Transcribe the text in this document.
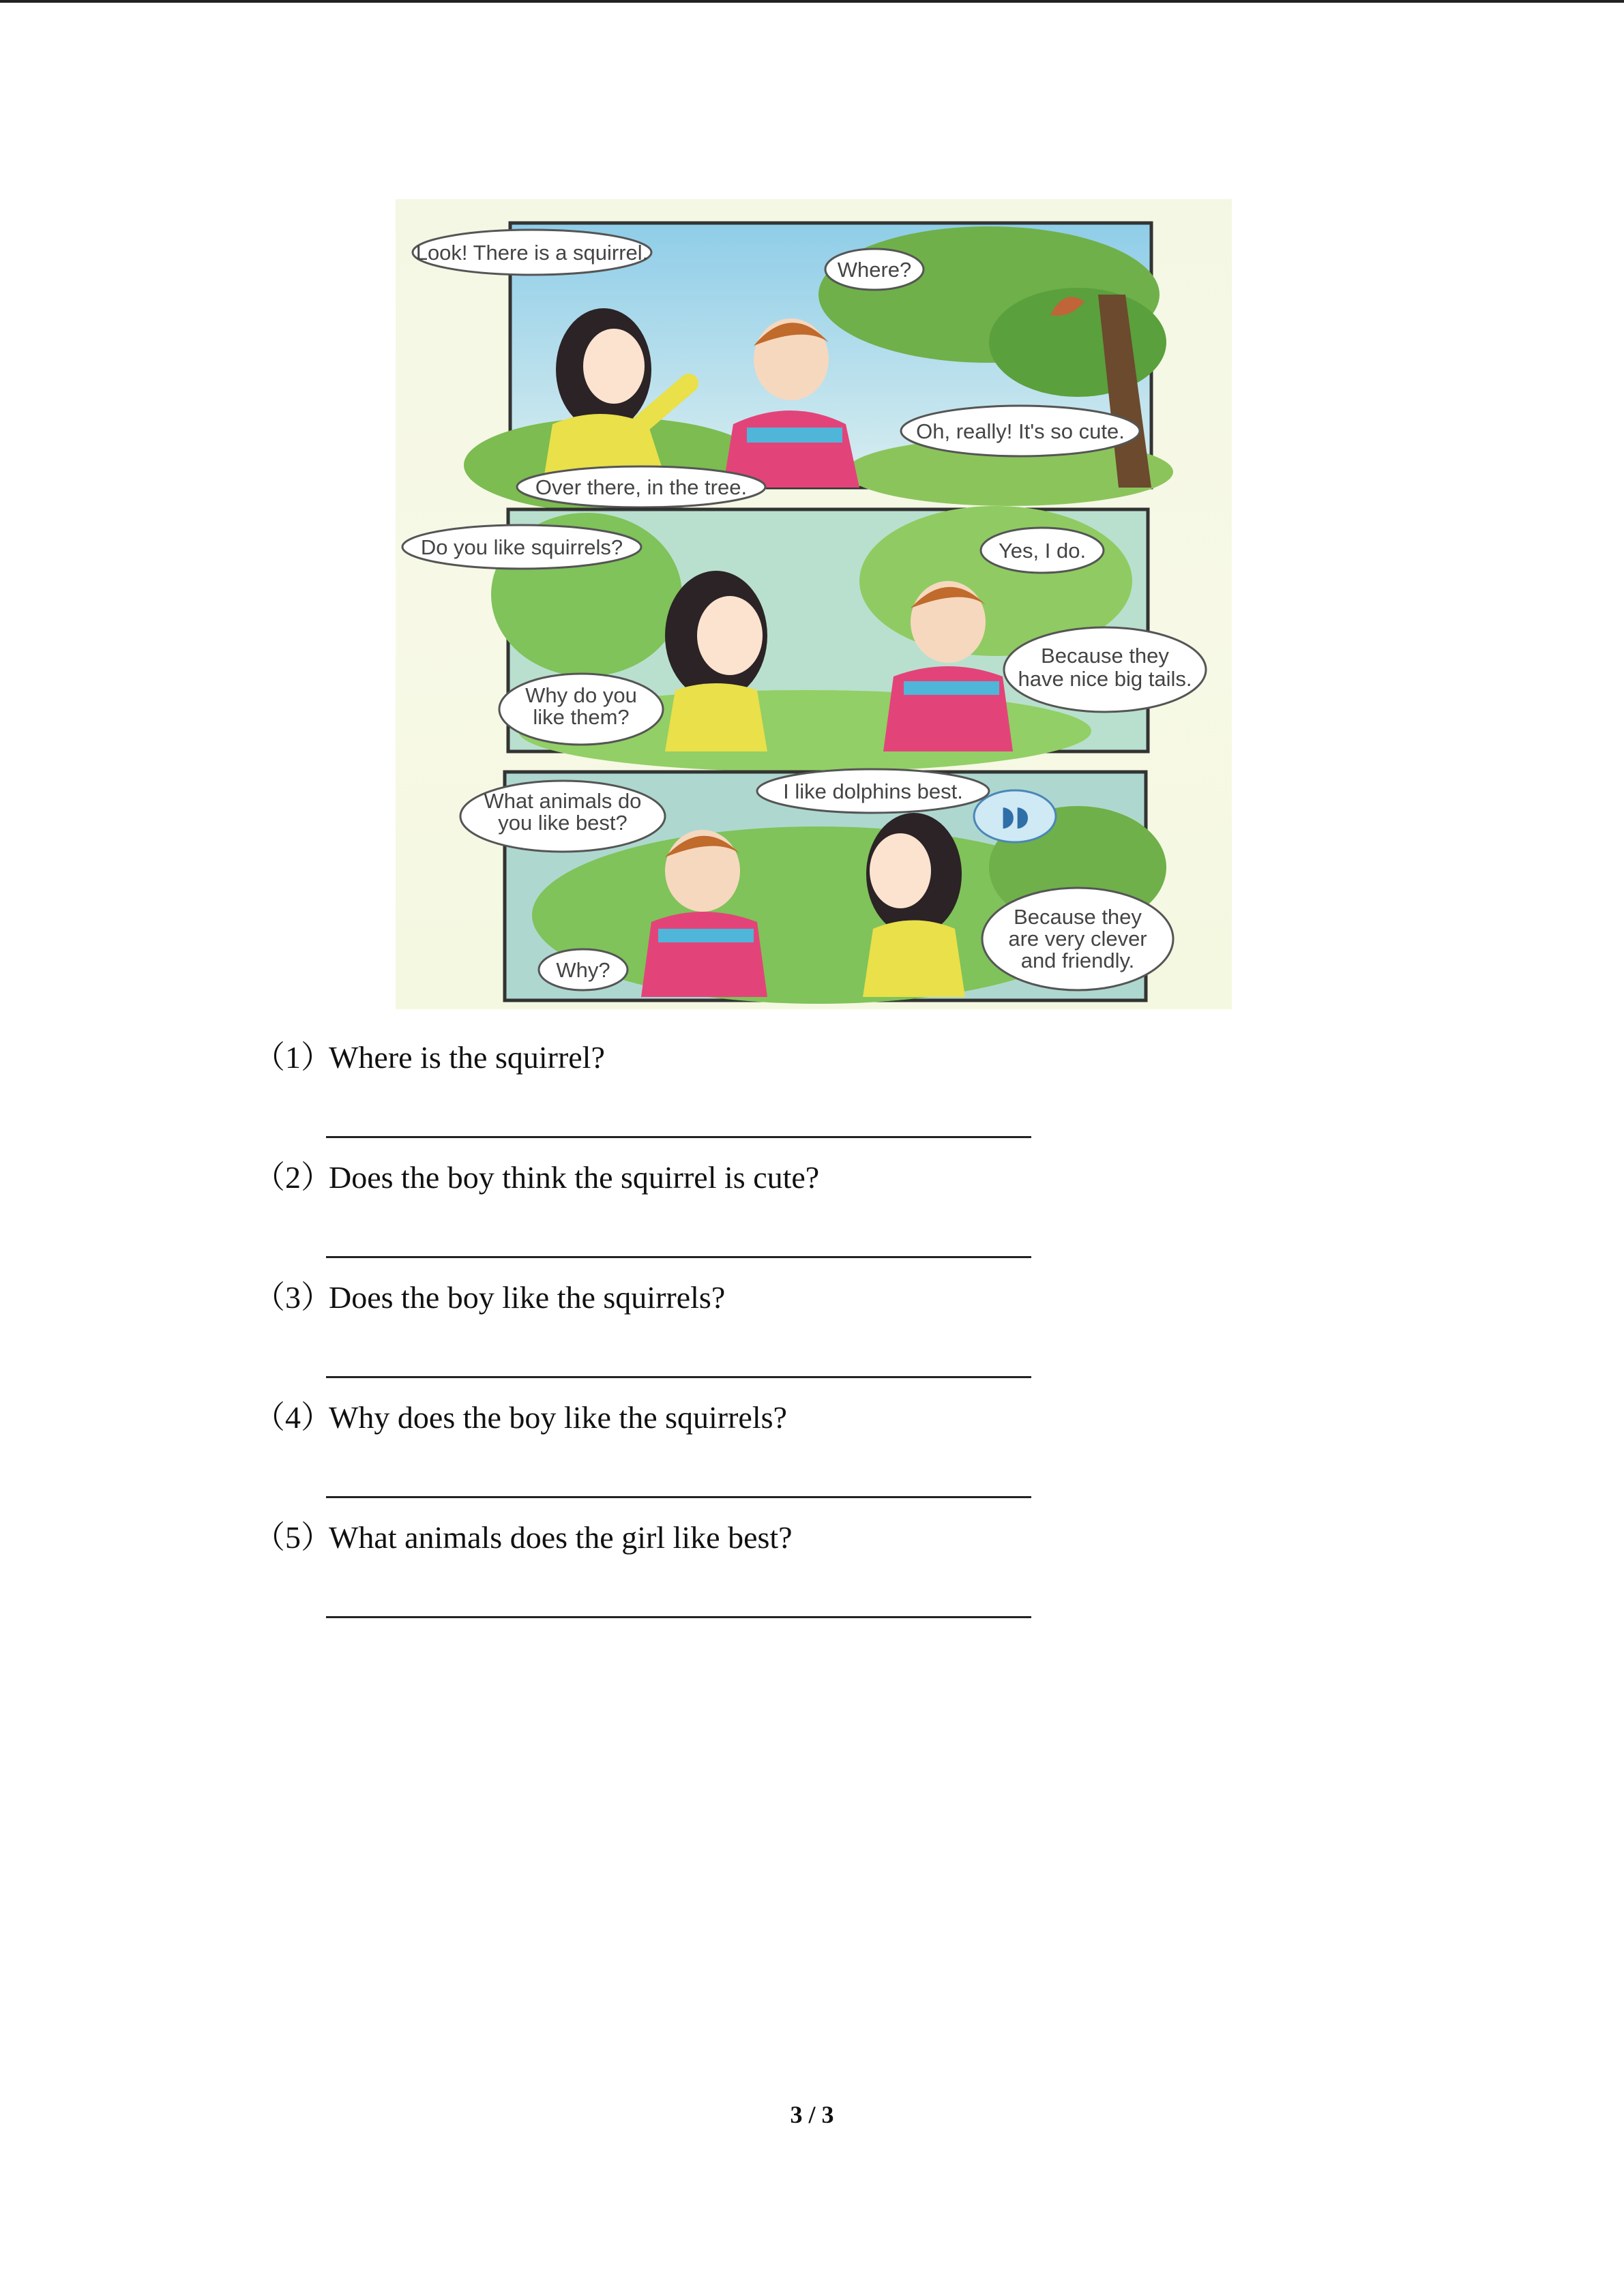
Look! There is a squirrel.
Where?
Oh, really! It's so cute.
Over there, in the tree.
Do you like squirrels?	Yes, I do.
Why do you
like them?
Because they
have nice big tails.
◗◗
What animals do
you like best?
I like dolphins best.
Why?
Because they
are very clever
and friendly.
（1）Where is the squirrel?
（2）Does the boy think the squirrel is cute?
（3）Does the boy like the squirrels?
（4）Why does the boy like the squirrels?
（5）What animals does the girl like best?
3 / 3
